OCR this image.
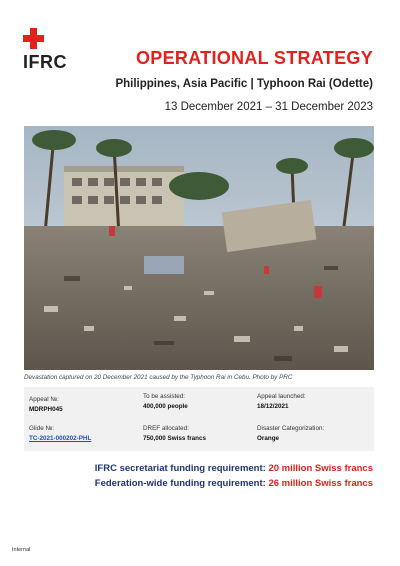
IFRC	OPERATIONAL STRATEGY
Philippines, Asia Pacific | Typhoon Rai (Odette)
13 December 2021 – 31 December 2023
Devastation captured on 20 December 2021 caused by the Typhoon Rai in Cebu. Photo by PRC
Appeal №:
MDRPH045
To be assisted:
400,000 people
Appeal launched:
18/12/2021
Glide №:
TC-2021-000202-PHL
DREF allocated:
750,000 Swiss francs
Disaster Categorization:
Orange
IFRC secretariat funding requirement: 20 million Swiss francs
Federation-wide funding requirement: 26 million Swiss francs
Internal
